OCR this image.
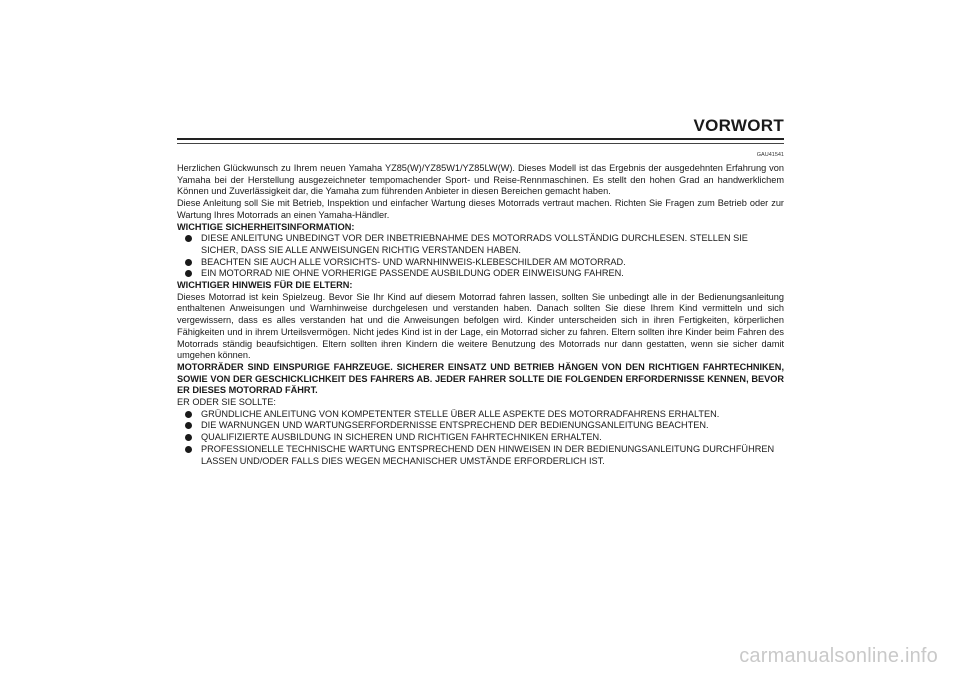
VORWORT
GAU41541

Herzlichen Glückwunsch zu Ihrem neuen Yamaha YZ85(W)/YZ85W1/YZ85LW(W). Dieses Modell ist das Ergebnis der ausgedehnten Erfahrung von Yamaha bei der Herstellung ausgezeichneter tempomachender Sport- und Reise-Rennmaschinen. Es stellt den hohen Grad an handwerklichem Können und Zuverlässigkeit dar, die Yamaha zum führenden Anbieter in diesen Bereichen gemacht haben.

Diese Anleitung soll Sie mit Betrieb, Inspektion und einfacher Wartung dieses Motorrads vertraut machen. Richten Sie Fragen zum Betrieb oder zur Wartung Ihres Motorrads an einen Yamaha-Händler.

WICHTIGE SICHERHEITSINFORMATION:

DIESE ANLEITUNG UNBEDINGT VOR DER INBETRIEBNAHME DES MOTORRADS VOLLSTÄNDIG DURCHLESEN. STELLEN SIE SICHER, DASS SIE ALLE ANWEISUNGEN RICHTIG VERSTANDEN HABEN.
BEACHTEN SIE AUCH ALLE VORSICHTS- UND WARNHINWEIS-KLEBESCHILDER AM MOTORRAD.
EIN MOTORRAD NIE OHNE VORHERIGE PASSENDE AUSBILDUNG ODER EINWEISUNG FAHREN.

WICHTIGER HINWEIS FÜR DIE ELTERN:

Dieses Motorrad ist kein Spielzeug. Bevor Sie Ihr Kind auf diesem Motorrad fahren lassen, sollten Sie unbedingt alle in der Bedienungsanleitung enthaltenen Anweisungen und Warnhinweise durchgelesen und verstanden haben. Danach sollten Sie diese Ihrem Kind vermitteln und sich vergewissern, dass es alles verstanden hat und die Anweisungen befolgen wird. Kinder unterscheiden sich in ihren Fertigkeiten, körperlichen Fähigkeiten und in ihrem Urteilsvermögen. Nicht jedes Kind ist in der Lage, ein Motorrad sicher zu fahren. Eltern sollten ihre Kinder beim Fahren des Motorrads ständig beaufsichtigen. Eltern sollten ihren Kindern die weitere Benutzung des Motorrads nur dann gestatten, wenn sie sicher damit umgehen können.

MOTORRÄDER SIND EINSPURIGE FAHRZEUGE. SICHERER EINSATZ UND BETRIEB HÄNGEN VON DEN RICHTIGEN FAHRTECHNIKEN, SOWIE VON DER GESCHICKLICHKEIT DES FAHRERS AB. JEDER FAHRER SOLLTE DIE FOLGENDEN ERFORDERNISSE KENNEN, BEVOR ER DIESES MOTORRAD FÄHRT.

ER ODER SIE SOLLTE:

GRÜNDLICHE ANLEITUNG VON KOMPETENTER STELLE ÜBER ALLE ASPEKTE DES MOTORRADFAHRENS ERHALTEN.
DIE WARNUNGEN UND WARTUNGSERFORDERNISSE ENTSPRECHEND DER BEDIENUNGSANLEITUNG BEACHTEN.
QUALIFIZIERTE AUSBILDUNG IN SICHEREN UND RICHTIGEN FAHRTECHNIKEN ERHALTEN.
PROFESSIONELLE TECHNISCHE WARTUNG ENTSPRECHEND DEN HINWEISEN IN DER BEDIENUNGSANLEITUNG DURCHFÜHREN LASSEN UND/ODER FALLS DIES WEGEN MECHANISCHER UMSTÄNDE ERFORDERLICH IST.
carmanualsonline.info
